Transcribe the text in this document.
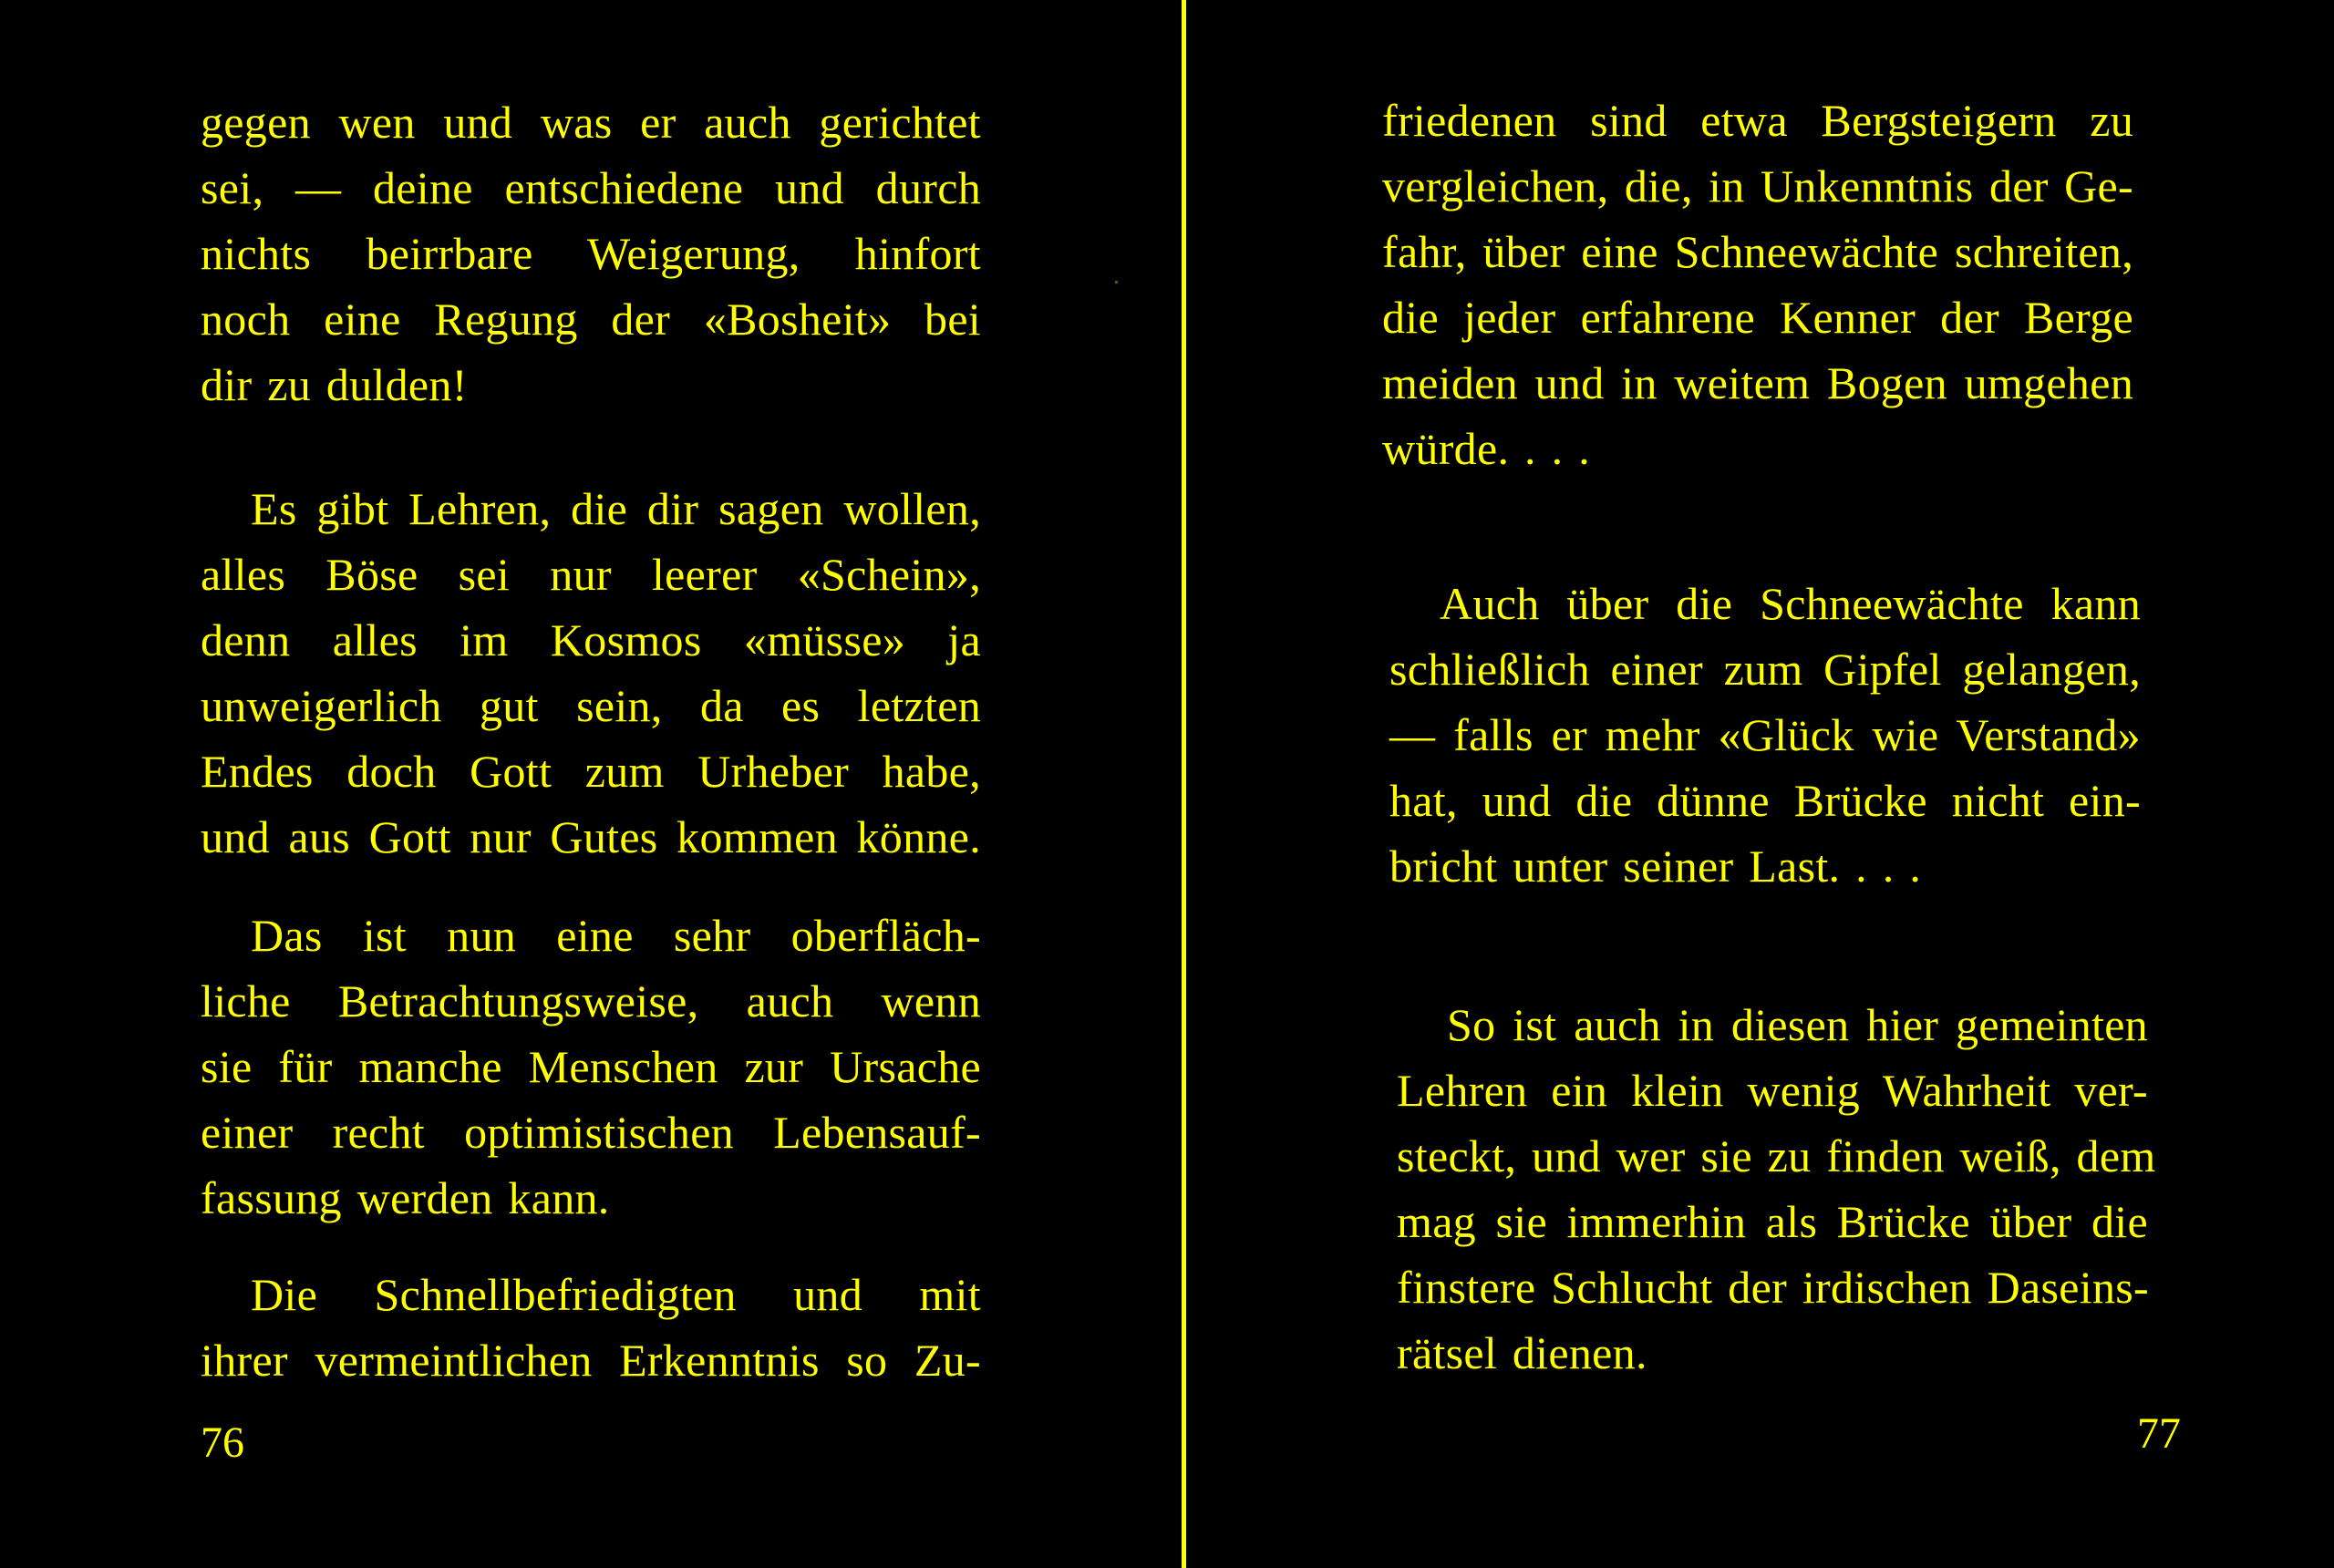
gegen wen und was er auch gerichtet
sei, — deine entschiedene und durch
nichts beirrbare Weigerung, hinfort
noch eine Regung der «Bosheit» bei
dir zu dulden!

Es gibt Lehren, die dir sagen wollen,
alles Böse sei nur leerer «Schein»,
denn alles im Kosmos «müsse» ja
unweigerlich gut sein, da es letzten
Endes doch Gott zum Urheber habe,
und aus Gott nur Gutes kommen könne.

Das ist nun eine sehr oberfläch-
liche Betrachtungsweise, auch wenn
sie für manche Menschen zur Ursache
einer recht optimistischen Lebensauf-
fassung werden kann.

Die Schnellbefriedigten und mit
ihrer vermeintlichen Erkenntnis so Zu-

76

friedenen sind etwa Bergsteigern zu
vergleichen, die, in Unkenntnis der Ge-
fahr, über eine Schneewächte schreiten,
die jeder erfahrene Kenner der Berge
meiden und in weitem Bogen umgehen
würde. . . .

Auch über die Schneewächte kann
schließlich einer zum Gipfel gelangen,
— falls er mehr «Glück wie Verstand»
hat, und die dünne Brücke nicht ein-
bricht unter seiner Last. . . .

So ist auch in diesen hier gemeinten
Lehren ein klein wenig Wahrheit ver-
steckt, und wer sie zu finden weiß, dem
mag sie immerhin als Brücke über die
finstere Schlucht der irdischen Daseins-
rätsel dienen.

77
